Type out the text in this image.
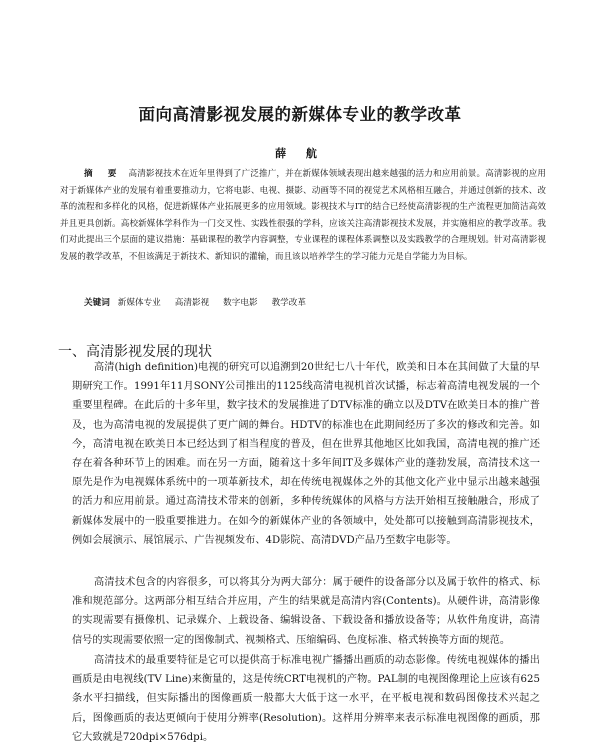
面向高清影视发展的新媒体专业的教学改革
薛 航

摘 要 高清影视技术在近年里得到了广泛推广，并在新媒体领域表现出越来越强的活力和应用前景。高清影视的应用对于新媒体产业的发展有着重要推动力，它将电影、电视、摄影、动画等不同的视觉艺术风格相互融合，并通过创新的技术、改革的流程和多样化的风格，促进新媒体产业拓展更多的应用领域。影视技术与IT的结合已经使高清影视的生产流程更加简洁高效并且更具创新。高校新媒体学科作为一门交叉性、实践性很强的学科，应该关注高清影视技术发展，并实施相应的教学改革。我们对此提出三个层面的建议措施：基础课程的教学内容调整，专业课程的课程体系调整以及实践教学的合理规划。针对高清影视发展的教学改革，不但该满足于新技术、新知识的灌输，而且该以培养学生的学习能力元是自学能力为目标。

关键词 新媒体专业 高清影视 数字电影 教学改革

一、高清影视发展的现状

高清(high definition)电视的研究可以追溯到20世纪七八十年代，欧美和日本在其间做了大量的早期研究工作。1991年11月SONY公司推出的1125线高清电视机首次试播，标志着高清电视发展的一个重要里程碑。在此后的十多年里，数字技术的发展推进了DTV标准的确立以及DTV在欧美日本的推广普及，也为高清电视的发展提供了更广阔的舞台。HDTV的标准也在此期间经历了多次的修改和完善。如今，高清电视在欧美日本已经达到了相当程度的普及，但在世界其他地区比如我国，高清电视的推广还存在着各种环节上的困难。而在另一方面，随着这十多年间IT及多媒体产业的蓬勃发展，高清技术这一原先是作为电视媒体系统中的一项革新技术，却在传统电视媒体之外的其他文化产业中显示出越来越强的活力和应用前景。通过高清技术带来的创新，多种传统媒体的风格与方法开始相互接触融合，形成了新媒体发展中的一股重要推进力。在如今的新媒体产业的各领域中，处处都可以接触到高清影视技术，例如会展演示、展馆展示、广告视频发布、4D影院、高清DVD产品乃至数字电影等。

高清技术包含的内容很多，可以将其分为两大部分：属于硬件的设备部分以及属于软件的格式、标准和规范部分。这两部分相互结合并应用，产生的结果就是高清内容(Contents)。从硬件讲，高清影像的实现需要有摄像机、记录媒介、上载设备、编辑设备、下载设备和播放设备等；从软件角度讲，高清信号的实现需要依照一定的图像制式、视频格式、压缩编码、色度标准、格式转换等方面的规范。

高清技术的最重要特征是它可以提供高于标准电视广播播出画质的动态影像。传统电视媒体的播出画质是由电视线(TV Line)来衡量的，这是传统CRT电视机的产物。PAL制的电视图像理论上应该有625条水平扫描线，但实际播出的图像画质一般都大大低于这一水平，在平板电视和数码图像技术兴起之后，图像画质的表达更倾向于使用分辨率(Resolution)。这样用分辨率来表示标准电视图像的画质，那它大致就是720dpi×576dpi。
